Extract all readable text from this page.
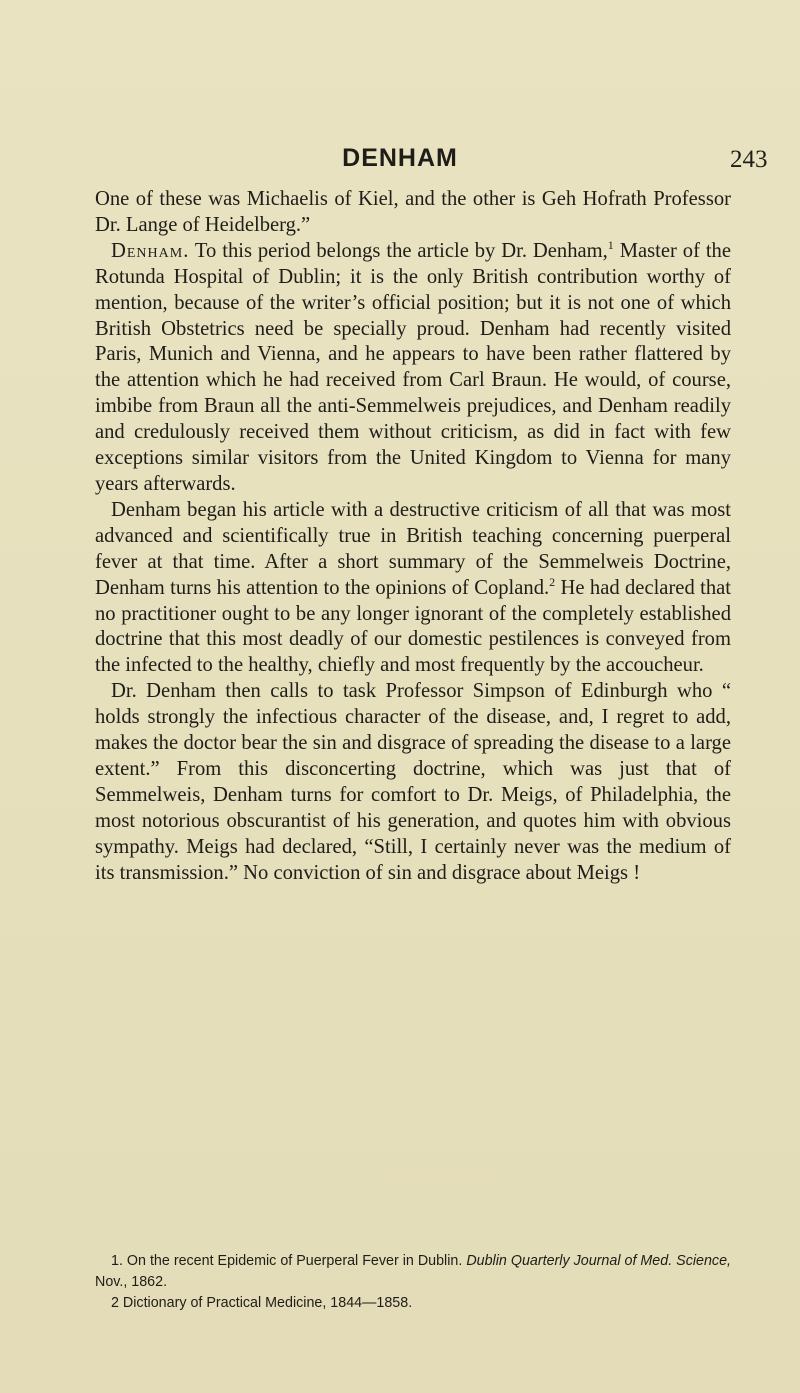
DENHAM	243

One of these was Michaelis of Kiel, and the other is Geh Hofrath Professor Dr. Lange of Heidelberg.”

Denham. To this period belongs the article by Dr. Denham,$^1$ Master of the Rotunda Hospital of Dublin; it is the only British contribution worthy of mention, because of the writer’s official position; but it is not one of which British Obstetrics need be specially proud. Denham had recently visited Paris, Munich and Vienna, and he appears to have been rather flattered by the attention which he had received from Carl Braun. He would, of course, imbibe from Braun all the anti-Semmelweis prejudices, and Denham readily and credulously received them without criticism, as did in fact with few exceptions similar visitors from the United Kingdom to Vienna for many years afterwards.

Denham began his article with a destructive criticism of all that was most advanced and scientifically true in British teaching concerning puerperal fever at that time. After a short summary of the Semmelweis Doctrine, Denham turns his attention to the opinions of Copland.$^2$ He had declared that no practitioner ought to be any longer ignorant of the completely established doctrine that this most deadly of our domestic pestilences is conveyed from the infected to the healthy, chiefly and most frequently by the accoucheur.

Dr. Denham then calls to task Professor Simpson of Edinburgh who “ holds strongly the infectious character of the disease, and, I regret to add, makes the doctor bear the sin and disgrace of spreading the disease to a large extent.” From this disconcerting doctrine, which was just that of Semmelweis, Denham turns for comfort to Dr. Meigs, of Philadelphia, the most notorious obscurantist of his generation, and quotes him with obvious sympathy. Meigs had declared, “Still, I certainly never was the medium of its transmission.” No conviction of sin and disgrace about Meigs !

1. On the recent Epidemic of Puerperal Fever in Dublin. Dublin Quarterly Journal of Med. Science, Nov., 1862.

2 Dictionary of Practical Medicine, 1844—1858.
